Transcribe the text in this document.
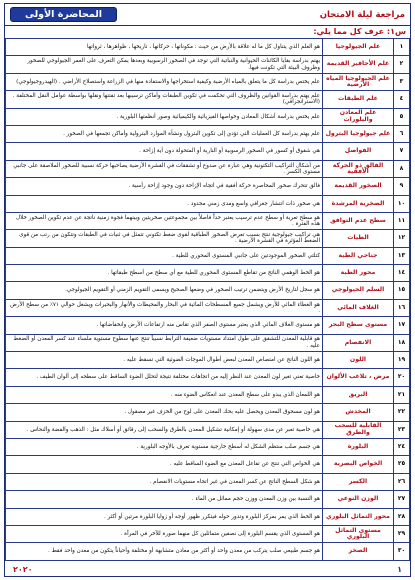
مراجعة ليلة الامتحان
المحاضرة الأولى
س۱: عرف كل مما يلي:
١	علم الجيولوجيا	هو العلم الذي يتناول كل ما له علاقة بالأرض من حيث : مكوناتها ، حركاتها ، تاريخها ، ظواهرها ، ثرواتها
٢	علم الأحافير القديمة	يهتم بدراسة بقايا الكائنات الحيوانية والنباتية التي توجد في الصخور الرسوبية وبعدها يمكن التعرف على العمر الجيولوجي للصخور وظروف البيئة التي تكونت فيها.
٣	علم الجيولوجيا المياه الأرضية	علم يختص بدراسة كل ما يتعلق بالمياه الأرضية وكيفية استخراجها والاستفادة منها في الزراعة واستصلاح الأراضي . (الهيدروجيولوجي)
٤	علم الطبقات	علم يهتم بدراسة القوانين والظروف التي تحكمت في تكوين الطبقات وأماكن ترسيبها بعد تفتتها ونقلها بواسطة عوامل النقل المختلفة . (الاستراتجرافي)
٥	علم المعادن والبلورات	علم يختص بدراسة أشكال المعادن وخواصها الفيزيائية والكيميائية وصور أنظمتها البلورية .
٦	علم جيولوجيا البترول	علم يهتم بدراسة كل العمليات التي تؤدي إلى تكوين البترول ونشأة الموارد البترولية وأماكن تجمعها في الصخور .
٧	الفواصل	هي شقوق أو كسور في الصخور الرسوبية أو النارية أو المتحولة دون أية إزاحة .
٨	الفالق ذو الحركة الأفقية	من أشكال التراكيب التكتونية وهي عبارة عن صدوع أو تشققات في القشرة الأرضية يصاحبها حركة نسبية للصخور الملاصقة على جانبي مستوى الكسر .
٩	الصخور القديمة	فالق تتحرك صخور المحاصرة حركة أفقية في اتجاه الإزاحة دون وجود إزاحة رأسية .
١٠	الصخرية المرشدة	هي صخور ذات انتشار جغرافي واسع ومدى زمني محدود .
١١	سطح عدم التوافق	هو سطح تعرية أو سطح عدم ترسيب يعتبر حداً فاصلاً بين مجموعتين صخريتين وبينهما فجوة زمنية ناتجة عن عدم تكوين الصخور خلال هذه الفترة .
١٢	الطيات	هي تراكيب جيولوجية تنتج بسبب تعرض الصخور الطباقية لقوى ضغط تكتوني تتمثل في ثنيات في الطبقات وتتكون من رتب من قوى الضغط المؤثرة في القشرة الأرضية .
١٣	جناحي الطية	كتلتي الصخور الموجودتين على جانبي المستوى المحوري للطية .
١٤	محور الطية	هو الخط الوهمي الناتج من تقاطع المستوى المحوري للطية مع أي سطح من أسطح طبقاتها .
١٥	السلم الجيولوجي	هو سجل لتاريخ الأرض ويتضمن ترتيب الصخور في وضعها الصحيح ويسمى التقويم الزمني أو التقويم الجيولوجي.
١٦	الغلاف المائي	هو الغطاء المائي للأرض ويشمل جميع المسطحات المائية في البحار والمحيطات والأنهار والبحيرات ويشغل حوالي ٧١٪ من سطح الأرض .
١٧	مستوى سطح البحر	هو مستوى الغلاف المائي الذي يعتبر مستوى الصفر الذي تقاس منه ارتفاعات الأرض وانخفاضاتها .
١٨	الانفصام	هو قابلية المعدن للتشقق على طول امتداد مستويات ضعيفة الترابط نسبياً تنتج عنها سطوح مستوية ملساء عند كسر المعدن أو الضغط عليه .
١٩	اللون	هو اللون الناتج عن امتصاص المعدن لبعض أطوال الموجات الضوئية التي تسقط عليه .
٢٠	مرض ، تلاعب الألوان	خاصية تعني تغير لون المعدن عند النظر إليه من اتجاهات مختلفة نتيجة لتحلل الضوء الساقط على سطحه إلى ألوان الطيف .
٢١	البريق	هو اللمعان الذي يبدو على سطح المعدن عند انعكاس الضوء منه .
٢٢	المخدش	هو لون مسحوق المعدن ويحصل عليه بحك المعدن على لوح من الخزف غير مصقول .
٢٣	القابلية للسحب والطرق	هي خاصية تعبر عن مدى سهولة أو إمكانية تشكيل المعدن بالطرق والسحب إلى رقائق أو أسلاك مثل : الذهب والفضة والنحاس .
٢٤	البلورة	هي جسم صلب منتظم الشكل له أسطح خارجية مستوية تعرف بالأوجه البلورية .
٢٥	الخواص البصرية	هي الخواص التي تنتج عن تفاعل المعدن مع الضوء الساقط عليه .
٢٦	الكسر	هو شكل السطح الناتج عن كسر المعدن في غير اتجاه مستويات الانفصام .
٢٧	الوزن النوعي	هو النسبة بين وزن المعدن ووزن حجم مماثل من الماء .
٢٨	محور التماثل البلوري	هو الخط الذي يمر بمركز البلورة وتدور حوله فيتكرر ظهور أوجه أو زوايا البلورة مرتين أو أكثر .
٢٩	مستوى التماثل البلوري	هو المستوى الذي يقسم البلورة إلى نصفين متماثلين كل منهما صورة للآخر في المرآة .
٣٠	الصخر	هو جسم طبيعي صلب يتركب من معدن واحد أو أكثر من معادن متشابهة أو مختلفة وأحياناً يتكون من معدن واحد فقط .
١
٢٠٢٠
